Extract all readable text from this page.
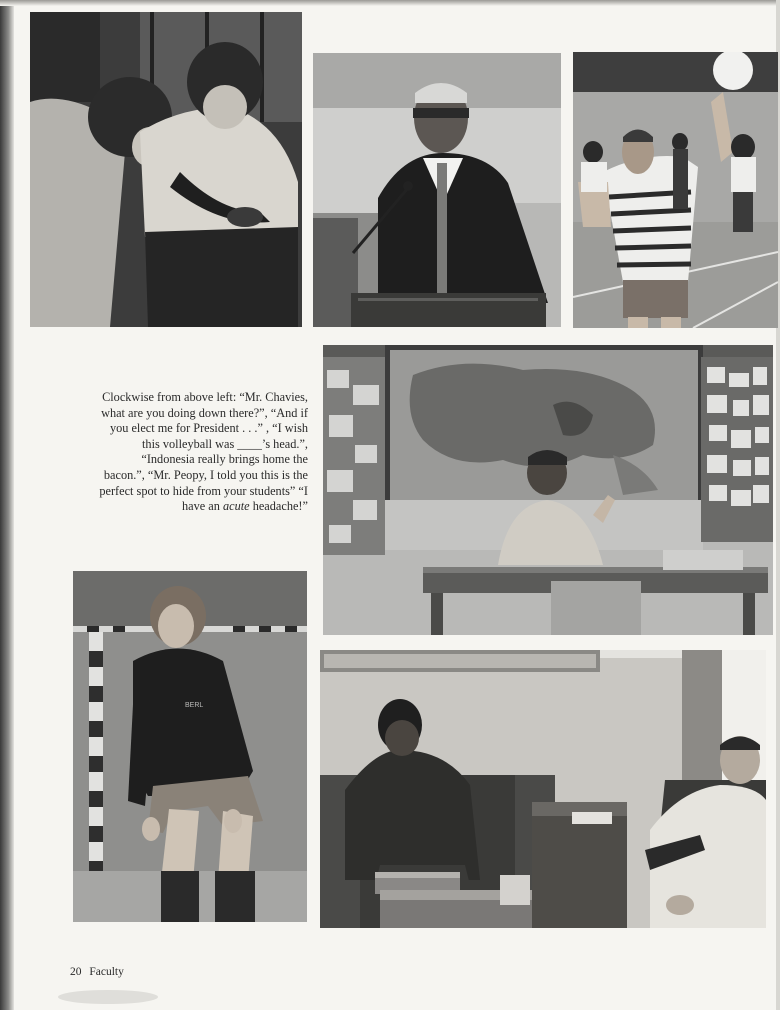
BERL
Clockwise from above left: “Mr. Chavies,
what are you doing down there?”, “And if
you elect me for President . . .” , “I wish
this volleyball was ____’s head.”,
“Indonesia really brings home the
bacon.”, “Mr. Peopy, I told you this is the
perfect spot to hide from your students” “I
have an acute headache!”
20 Faculty
